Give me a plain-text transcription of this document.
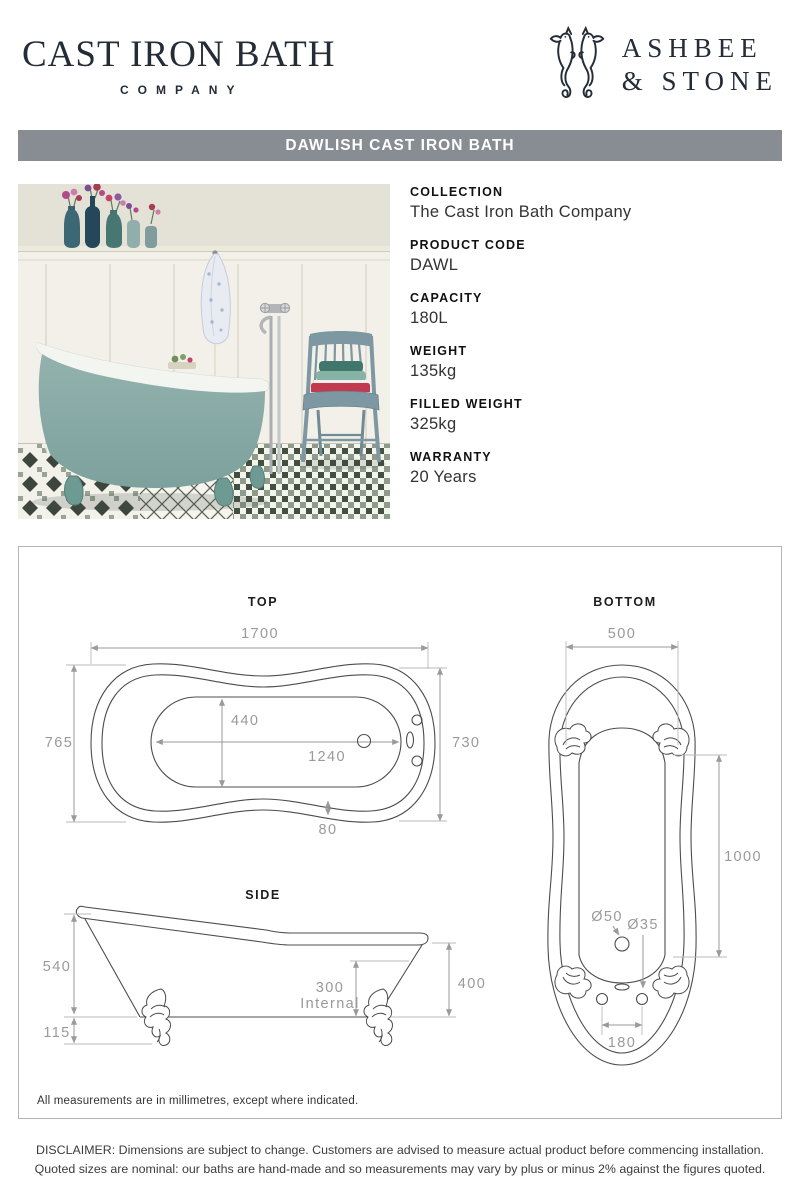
CAST IRON BATH
COMPANY
ASHBEE
& STONE
DAWLISH CAST IRON BATH
COLLECTION
The Cast Iron Bath Company
PRODUCT CODE
DAWL
CAPACITY
180L
WEIGHT
135kg
FILLED WEIGHT
325kg
WARRANTY
20 Years
TOP
1700
765	730
440
1240
80
BOTTOM
500
1000
Ø50 Ø35
180
SIDE
540
115
300
Internal
400
All measurements are in millimetres, except where indicated.
DISCLAIMER: Dimensions are subject to change. Customers are advised to measure actual product before commencing installation.
Quoted sizes are nominal: our baths are hand-made and so measurements may vary by plus or minus 2% against the figures quoted.
